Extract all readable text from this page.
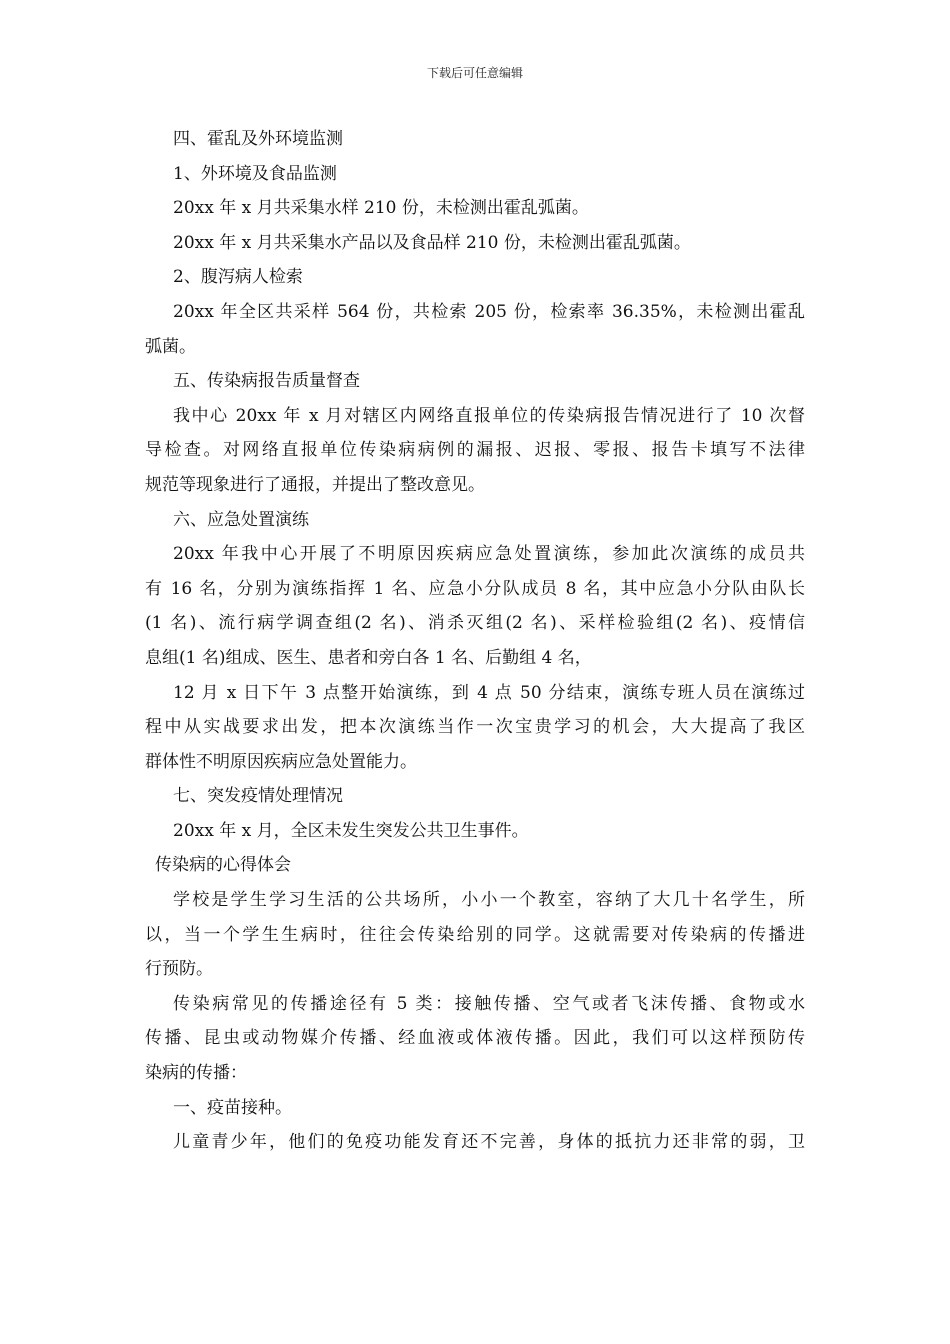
下载后可任意编辑
四、霍乱及外环境监测
1、外环境及食品监测
20xx 年 x 月共采集水样 210 份，未检测出霍乱弧菌。
20xx 年 x 月共采集水产品以及食品样 210 份，未检测出霍乱弧菌。
2、腹泻病人检索
20xx 年全区共采样 564 份，共检索 205 份，检索率 36.35%，未检测出霍乱
弧菌。
五、传染病报告质量督查
我中心 20xx 年 x 月对辖区内网络直报单位的传染病报告情况进行了 10 次督
导检查。对网络直报单位传染病病例的漏报、迟报、零报、报告卡填写不法律
规范等现象进行了通报，并提出了整改意见。
六、应急处置演练
20xx 年我中心开展了不明原因疾病应急处置演练，参加此次演练的成员共
有 16 名，分别为演练指挥 1 名、应急小分队成员 8 名，其中应急小分队由队长
(1 名)、流行病学调查组(2 名)、消杀灭组(2 名)、采样检验组(2 名)、疫情信
息组(1 名)组成、医生、患者和旁白各 1 名、后勤组 4 名，
12 月 x 日下午 3 点整开始演练，到 4 点 50 分结束，演练专班人员在演练过
程中从实战要求出发，把本次演练当作一次宝贵学习的机会，大大提高了我区
群体性不明原因疾病应急处置能力。
七、突发疫情处理情况
20xx 年 x 月，全区未发生突发公共卫生事件。
传染病的心得体会
学校是学生学习生活的公共场所，小小一个教室，容纳了大几十名学生，所
以，当一个学生生病时，往往会传染给别的同学。这就需要对传染病的传播进
行预防。
传染病常见的传播途径有 5 类：接触传播、空气或者飞沫传播、食物或水
传播、昆虫或动物媒介传播、经血液或体液传播。因此，我们可以这样预防传
染病的传播：
一、疫苗接种。
儿童青少年，他们的免疫功能发育还不完善，身体的抵抗力还非常的弱，卫
